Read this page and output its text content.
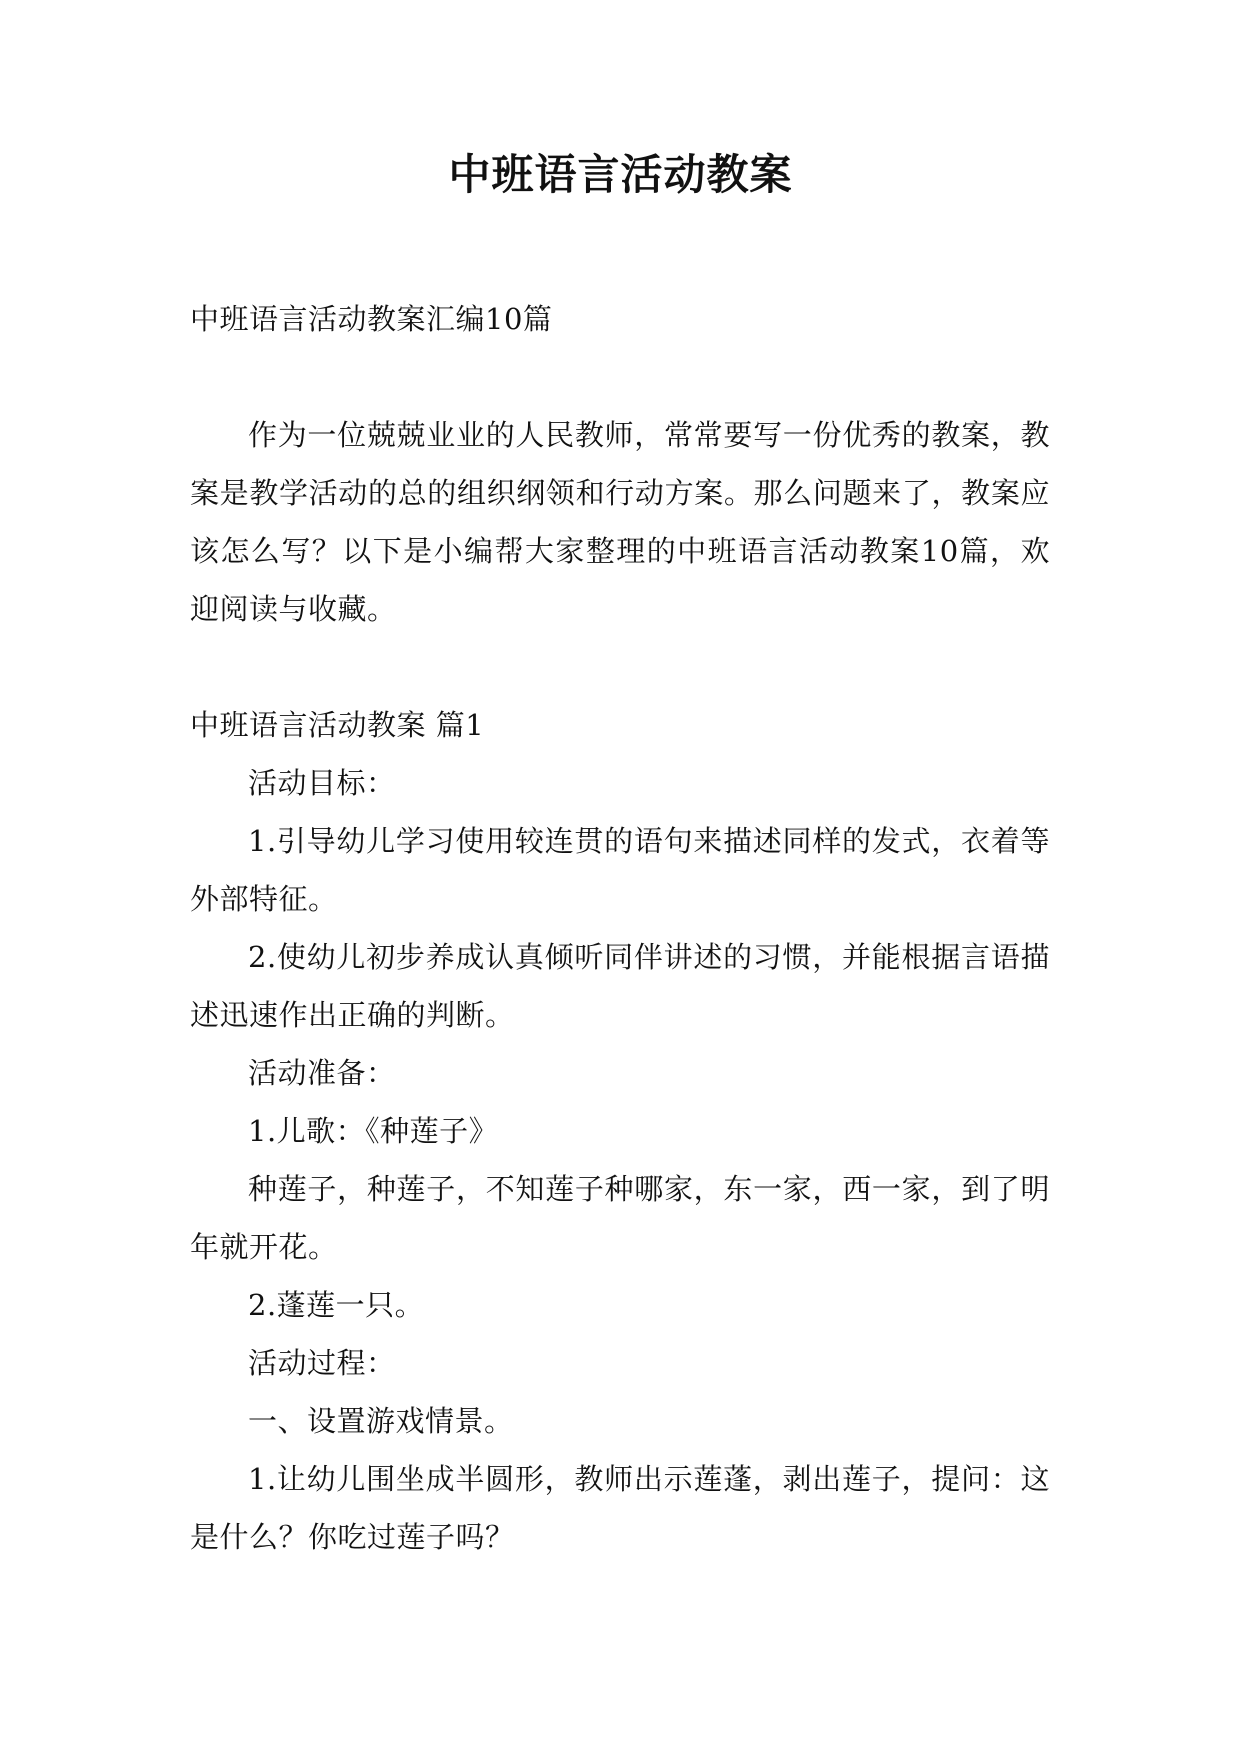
中班语言活动教案

中班语言活动教案汇编10篇

作为一位兢兢业业的人民教师，常常要写一份优秀的教案，教案是教学活动的总的组织纲领和行动方案。那么问题来了，教案应该怎么写？以下是小编帮大家整理的中班语言活动教案10篇，欢迎阅读与收藏。

中班语言活动教案 篇1

活动目标：

1.引导幼儿学习使用较连贯的语句来描述同样的发式，衣着等外部特征。

2.使幼儿初步养成认真倾听同伴讲述的习惯，并能根据言语描述迅速作出正确的判断。

活动准备：

1.儿歌：《种莲子》

种莲子，种莲子，不知莲子种哪家，东一家，西一家，到了明年就开花。

2.蓬莲一只。

活动过程：

一、设置游戏情景。

1.让幼儿围坐成半圆形，教师出示莲蓬，剥出莲子，提问：这是什么？你吃过莲子吗？
